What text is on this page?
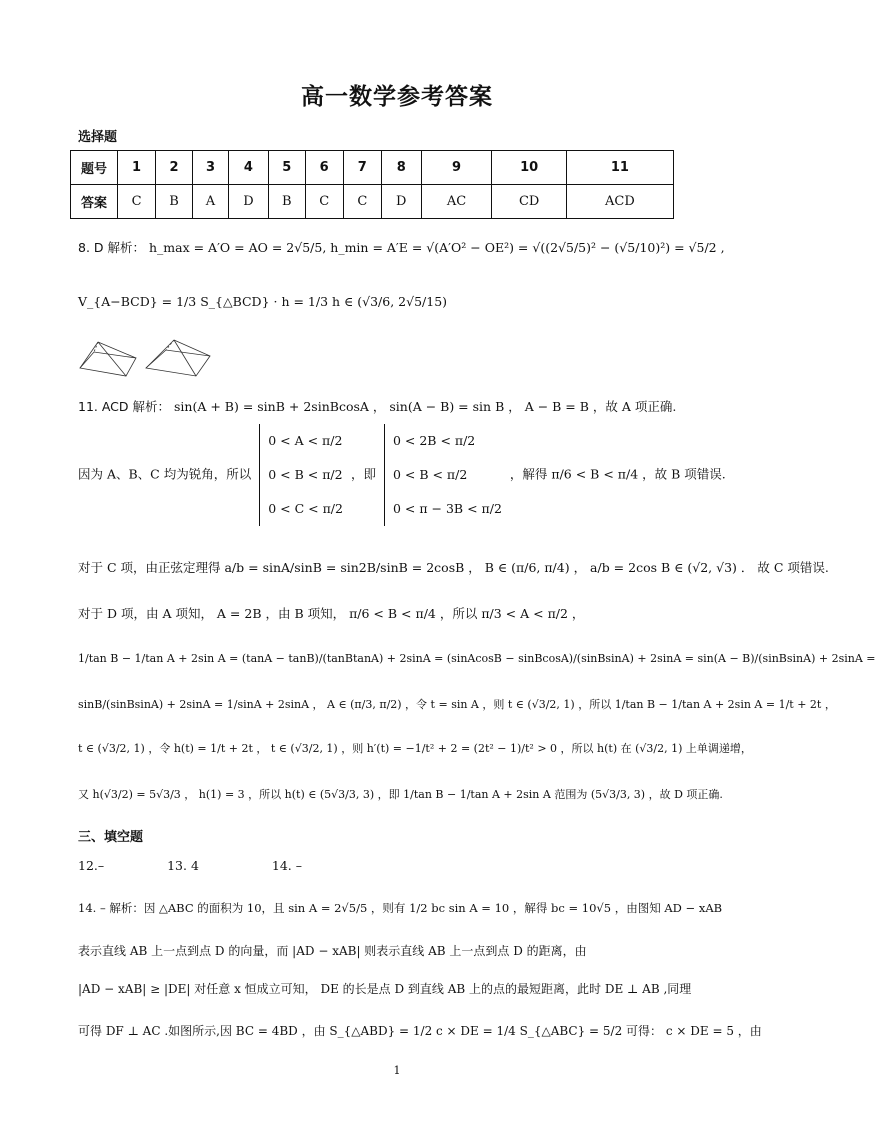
高一数学参考答案
选择题
题号	1	2	3	4	5	6	7	8	9	10	11
答案	C	B	A	D	B	C	C	D	AC	CD	ACD
8. D 解析： h_max = A′O = AO = 2√5/5, h_min = A′E = √(A′O² − OE²) = √((2√5/5)² − (√5/10)²) = √5/2 ,
V_{A−BCD} = 1/3 S_{△BCD} · h = 1/3 h ∈ (√3/6, 2√5/15)
11. ACD 解析： sin(A + B) = sinB + 2sinBcosA ， sin(A − B) = sin B ， A − B = B ，故 A 项正确.
因为 A、B、C 均为锐角，所以
0 < A < π/2
0 < B < π/2
0 < C < π/2
，即
0 < 2B < π/2
0 < B < π/2
0 < π − 3B < π/2
，解得 π/6 < B < π/4 ，故 B 项错误.
对于 C 项，由正弦定理得 a/b = sinA/sinB = sin2B/sinB = 2cosB ， B ∈ (π/6, π/4) ， a/b = 2cos B ∈ (√2, √3) ． 故 C 项错误.
对于 D 项，由 A 项知， A = 2B ，由 B 项知， π/6 < B < π/4 ，所以 π/3 < A < π/2 ，
1/tan B − 1/tan A + 2sin A = (tanA − tanB)/(tanBtanA) + 2sinA = (sinAcosB − sinBcosA)/(sinBsinA) + 2sinA = sin(A − B)/(sinBsinA) + 2sinA =
sinB/(sinBsinA) + 2sinA = 1/sinA + 2sinA ， A ∈ (π/3, π/2) ，令 t = sin A ，则 t ∈ (√3/2, 1) ，所以 1/tan B − 1/tan A + 2sin A = 1/t + 2t ，
t ∈ (√3/2, 1) ，令 h(t) = 1/t + 2t ， t ∈ (√3/2, 1) ，则 h′(t) = −1/t² + 2 = (2t² − 1)/t² > 0 ，所以 h(t) 在 (√3/2, 1) 上单调递增，
又 h(√3/2) = 5√3/3 ， h(1) = 3 ，所以 h(t) ∈ (5√3/3, 3) ，即 1/tan B − 1/tan A + 2sin A 范围为 (5√3/3, 3) ，故 D 项正确.
三、填空题
12.–	13. 4	14. –
14. – 解析：因 △ABC 的面积为 10，且 sin A = 2√5/5 ，则有 1/2 bc sin A = 10 ，解得 bc = 10√5 ，由图知 AD − xAB
表示直线 AB 上一点到点 D 的向量，而 |AD − xAB| 则表示直线 AB 上一点到点 D 的距离，由
|AD − xAB| ≥ |DE| 对任意 x 恒成立可知， DE 的长是点 D 到直线 AB 上的点的最短距离，此时 DE ⊥ AB ,同理
可得 DF ⊥ AC .如图所示,因 BC = 4BD ，由 S_{△ABD} = 1/2 c × DE = 1/4 S_{△ABC} = 5/2 可得： c × DE = 5 ，由
1
